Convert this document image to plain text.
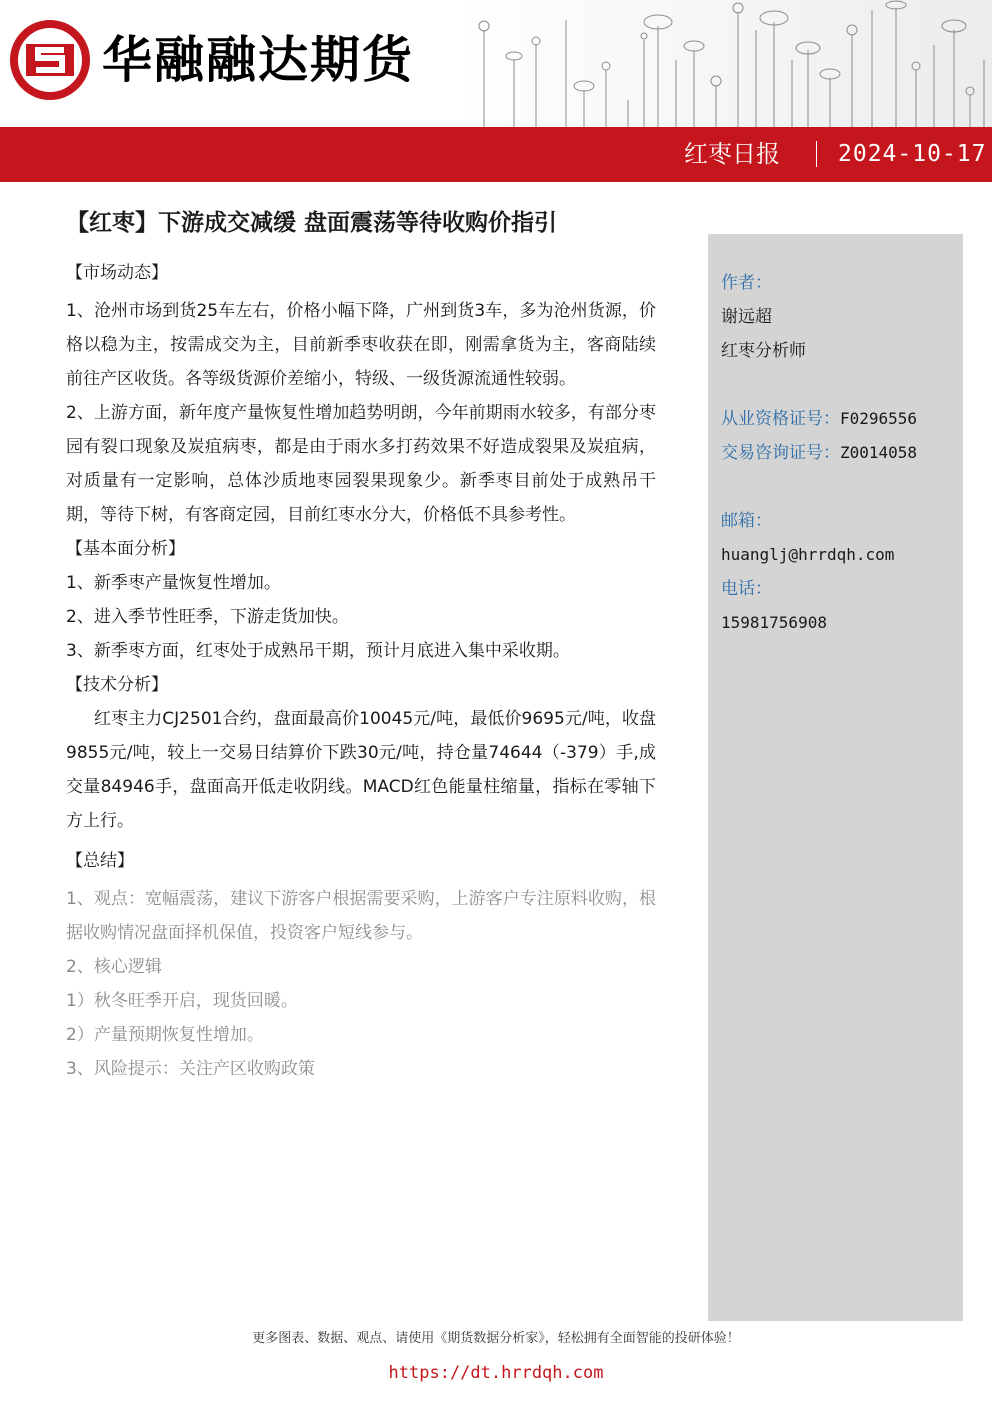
华融融达期货
红枣日报	2024-10-17
【红枣】下游成交减缓 盘面震荡等待收购价指引
【市场动态】

1、沧州市场到货25车左右，价格小幅下降，广州到货3车，多为沧州货源，价格以稳为主，按需成交为主，目前新季枣收获在即，刚需拿货为主，客商陆续前往产区收货。各等级货源价差缩小，特级、一级货源流通性较弱。

2、上游方面，新年度产量恢复性增加趋势明朗，今年前期雨水较多，有部分枣园有裂口现象及炭疽病枣，都是由于雨水多打药效果不好造成裂果及炭疽病，对质量有一定影响，总体沙质地枣园裂果现象少。新季枣目前处于成熟吊干期，等待下树，有客商定园，目前红枣水分大，价格低不具参考性。

【基本面分析】
1、新季枣产量恢复性增加。
2、进入季节性旺季，下游走货加快。
3、新季枣方面，红枣处于成熟吊干期，预计月底进入集中采收期。
【技术分析】

红枣主力CJ2501合约，盘面最高价10045元/吨，最低价9695元/吨，收盘9855元/吨，较上一交易日结算价下跌30元/吨，持仓量74644（-379）手,成交量84946手，盘面高开低走收阴线。MACD红色能量柱缩量，指标在零轴下方上行。

【总结】

1、观点：宽幅震荡，建议下游客户根据需要采购，上游客户专注原料收购，根据收购情况盘面择机保值，投资客户短线参与。

2、核心逻辑
1）秋冬旺季开启，现货回暖。
2）产量预期恢复性增加。
3、风险提示：关注产区收购政策
作者：
谢远超
红枣分析师
从业资格证号： F0296556
交易咨询证号： Z0014058
邮箱：
huanglj@hrrdqh.com
电话：
15981756908
更多图表、数据、观点、请使用《期货数据分析家》，轻松拥有全面智能的投研体验！
https://dt.hrrdqh.com
